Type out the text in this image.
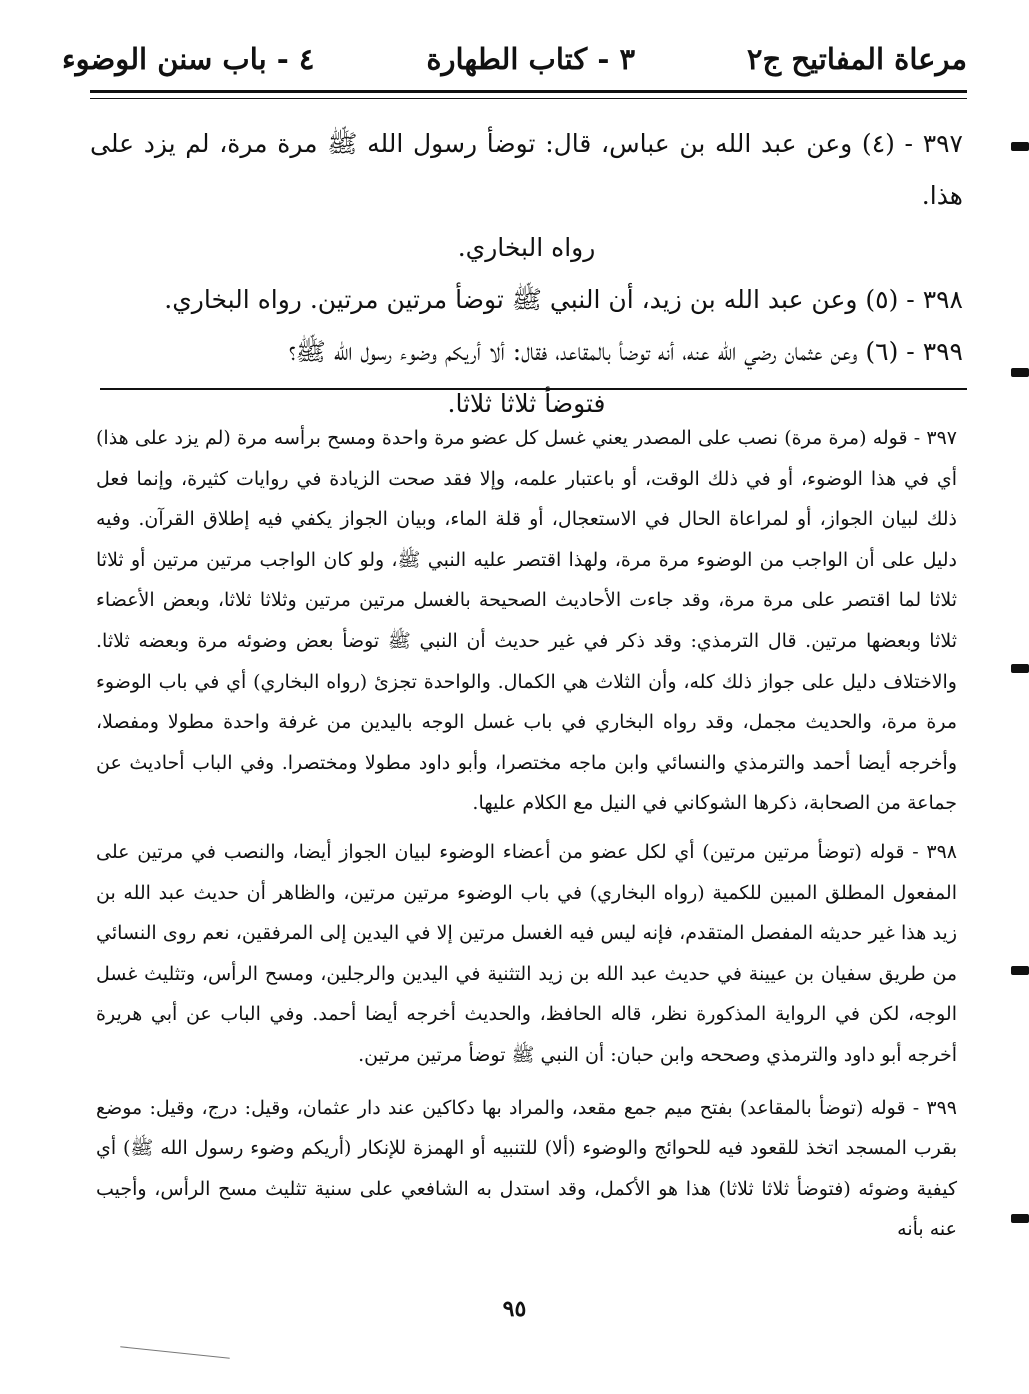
مرعاة المفاتيح ج٢
٣ - كتاب الطهارة
٤ - باب سنن الوضوء

٣٩٧ - (٤) وعن عبد الله بن عباس، قال: توضأ رسول الله ﷺ مرة مرة، لم يزد على هذا.

رواه البخاري.

٣٩٨ - (٥) وعن عبد الله بن زيد، أن النبي ﷺ توضأ مرتين مرتين. رواه البخاري.

٣٩٩ - (٦) وعن عثمان رضي الله عنه، أنه توضأ بالمقاعد، فقال: ألا أريكم وضوء رسول الله ﷺ؟

فتوضأ ثلاثا ثلاثا.

٣٩٧ - قوله (مرة مرة) نصب على المصدر يعني غسل كل عضو مرة واحدة ومسح برأسه مرة (لم يزد على هذا) أي في هذا الوضوء، أو في ذلك الوقت، أو باعتبار علمه، وإلا فقد صحت الزيادة في روايات كثيرة، وإنما فعل ذلك لبيان الجواز، أو لمراعاة الحال في الاستعجال، أو قلة الماء، وبيان الجواز يكفي فيه إطلاق القرآن. وفيه دليل على أن الواجب من الوضوء مرة مرة، ولهذا اقتصر عليه النبي ﷺ، ولو كان الواجب مرتين مرتين أو ثلاثا ثلاثا لما اقتصر على مرة مرة، وقد جاءت الأحاديث الصحيحة بالغسل مرتين مرتين وثلاثا ثلاثا، وبعض الأعضاء ثلاثا وبعضها مرتين. قال الترمذي: وقد ذكر في غير حديث أن النبي ﷺ توضأ بعض وضوئه مرة وبعضه ثلاثا. والاختلاف دليل على جواز ذلك كله، وأن الثلاث هي الكمال. والواحدة تجزئ (رواه البخاري) أي في باب الوضوء مرة مرة، والحديث مجمل، وقد رواه البخاري في باب غسل الوجه باليدين من غرفة واحدة مطولا ومفصلا، وأخرجه أيضا أحمد والترمذي والنسائي وابن ماجه مختصرا، وأبو داود مطولا ومختصرا. وفي الباب أحاديث عن جماعة من الصحابة، ذكرها الشوكاني في النيل مع الكلام عليها.

٣٩٨ - قوله (توضأ مرتين مرتين) أي لكل عضو من أعضاء الوضوء لبيان الجواز أيضا، والنصب في مرتين على المفعول المطلق المبين للكمية (رواه البخاري) في باب الوضوء مرتين مرتين، والظاهر أن حديث عبد الله بن زيد هذا غير حديثه المفصل المتقدم، فإنه ليس فيه الغسل مرتين إلا في اليدين إلى المرفقين، نعم روى النسائي من طريق سفيان بن عيينة في حديث عبد الله بن زيد التثنية في اليدين والرجلين، ومسح الرأس، وتثليث غسل الوجه، لكن في الرواية المذكورة نظر، قاله الحافظ، والحديث أخرجه أيضا أحمد. وفي الباب عن أبي هريرة أخرجه أبو داود والترمذي وصححه وابن حبان: أن النبي ﷺ توضأ مرتين مرتين.

٣٩٩ - قوله (توضأ بالمقاعد) بفتح ميم جمع مقعد، والمراد بها دكاكين عند دار عثمان، وقيل: درج، وقيل: موضع بقرب المسجد اتخذ للقعود فيه للحوائج والوضوء (ألا) للتنبيه أو الهمزة للإنكار (أريكم وضوء رسول الله ﷺ) أي كيفية وضوئه (فتوضأ ثلاثا ثلاثا) هذا هو الأكمل، وقد استدل به الشافعي على سنية تثليث مسح الرأس، وأجيب عنه بأنه

٩٥
